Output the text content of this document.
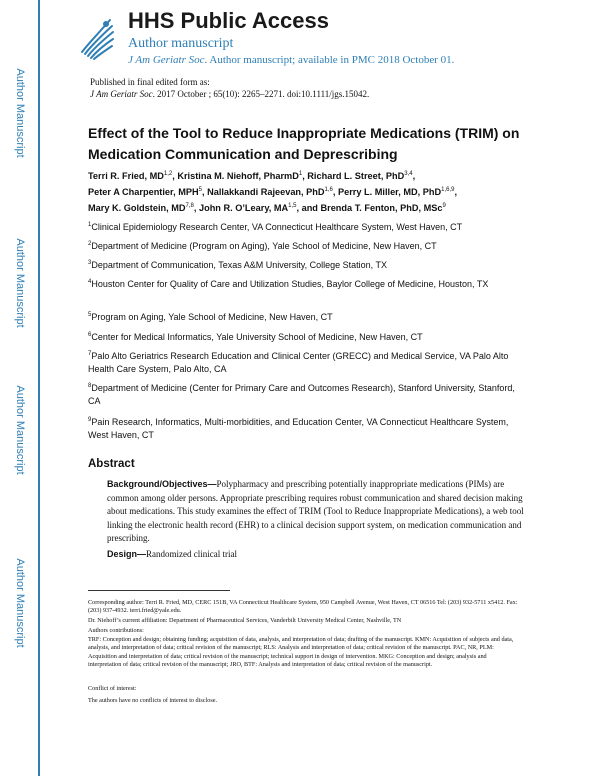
Author Manuscript
Author Manuscript
Author Manuscript
Author Manuscript
HHS Public Access
Author manuscript
J Am Geriatr Soc. Author manuscript; available in PMC 2018 October 01.
Published in final edited form as:
J Am Geriatr Soc. 2017 October ; 65(10): 2265–2271. doi:10.1111/jgs.15042.
Effect of the Tool to Reduce Inappropriate Medications (TRIM) on Medication Communication and Deprescribing

Terri R. Fried, MD$^{1,2}$, Kristina M. Niehoff, PharmD$^1$, Richard L. Street, PhD$^{3,4}$, Peter A Charpentier, MPH$^5$, Nallakkandi Rajeevan, PhD$^{1,6}$, Perry L. Miller, MD, PhD$^{1,6,9}$, Mary K. Goldstein, MD$^{7,8}$, John R. O’Leary, MA$^{1,5}$, and Brenda T. Fenton, PhD, MSc$^9$

$^1$Clinical Epidemiology Research Center, VA Connecticut Healthcare System, West Haven, CT

$^2$Department of Medicine (Program on Aging), Yale School of Medicine, New Haven, CT

$^3$Department of Communication, Texas A&M University, College Station, TX

$^4$Houston Center for Quality of Care and Utilization Studies, Baylor College of Medicine, Houston, TX

$^5$Program on Aging, Yale School of Medicine, New Haven, CT

$^6$Center for Medical Informatics, Yale University School of Medicine, New Haven, CT

$^7$Palo Alto Geriatrics Research Education and Clinical Center (GRECC) and Medical Service, VA Palo Alto Health Care System, Palo Alto, CA

$^8$Department of Medicine (Center for Primary Care and Outcomes Research), Stanford University, Stanford, CA

$^9$Pain Research, Informatics, Multi-morbidities, and Education Center, VA Connecticut Healthcare System, West Haven, CT

Abstract

Background/Objectives—Polypharmacy and prescribing potentially inappropriate medications (PIMs) are common among older persons. Appropriate prescribing requires robust communication and shared decision making about medications. This study examines the effect of TRIM (Tool to Reduce Inappropriate Medications), a web tool linking the electronic health record (EHR) to a clinical decision support system, on medication communication and prescribing.

Design—Randomized clinical trial

Corresponding author: Terri R. Fried, MD, CERC 151B, VA Connecticut Healthcare System, 950 Campbell Avenue, West Haven, CT 06516 Tel: (203) 932-5711 x5412. Fax: (203) 937-4932. terri.fried@yale.edu.

Dr. Niehoff’s current affiliation: Department of Pharmaceutical Services, Vanderbilt University Medical Center, Nashville, TN

Authors contributions:

TRF: Conception and design; obtaining funding; acquisition of data, analysis, and interpretation of data; drafting of the manuscript. KMN: Acquisition of subjects and data, analysis, and interpretation of data; critical revision of the manuscript; RLS: Analysis and interpretation of data; critical revision of the manuscript. PAC, NR, PLM: Acquisition and interpretation of data; critical revision of the manuscript; technical support in design of intervention. MKG: Conception and design; analysis and interpretation of data; critical revision of the manuscript; JRO, BTF: Analysis and interpretation of data; critical revision of the manuscript.

Conflict of interest:

The authors have no conflicts of interest to disclose.
